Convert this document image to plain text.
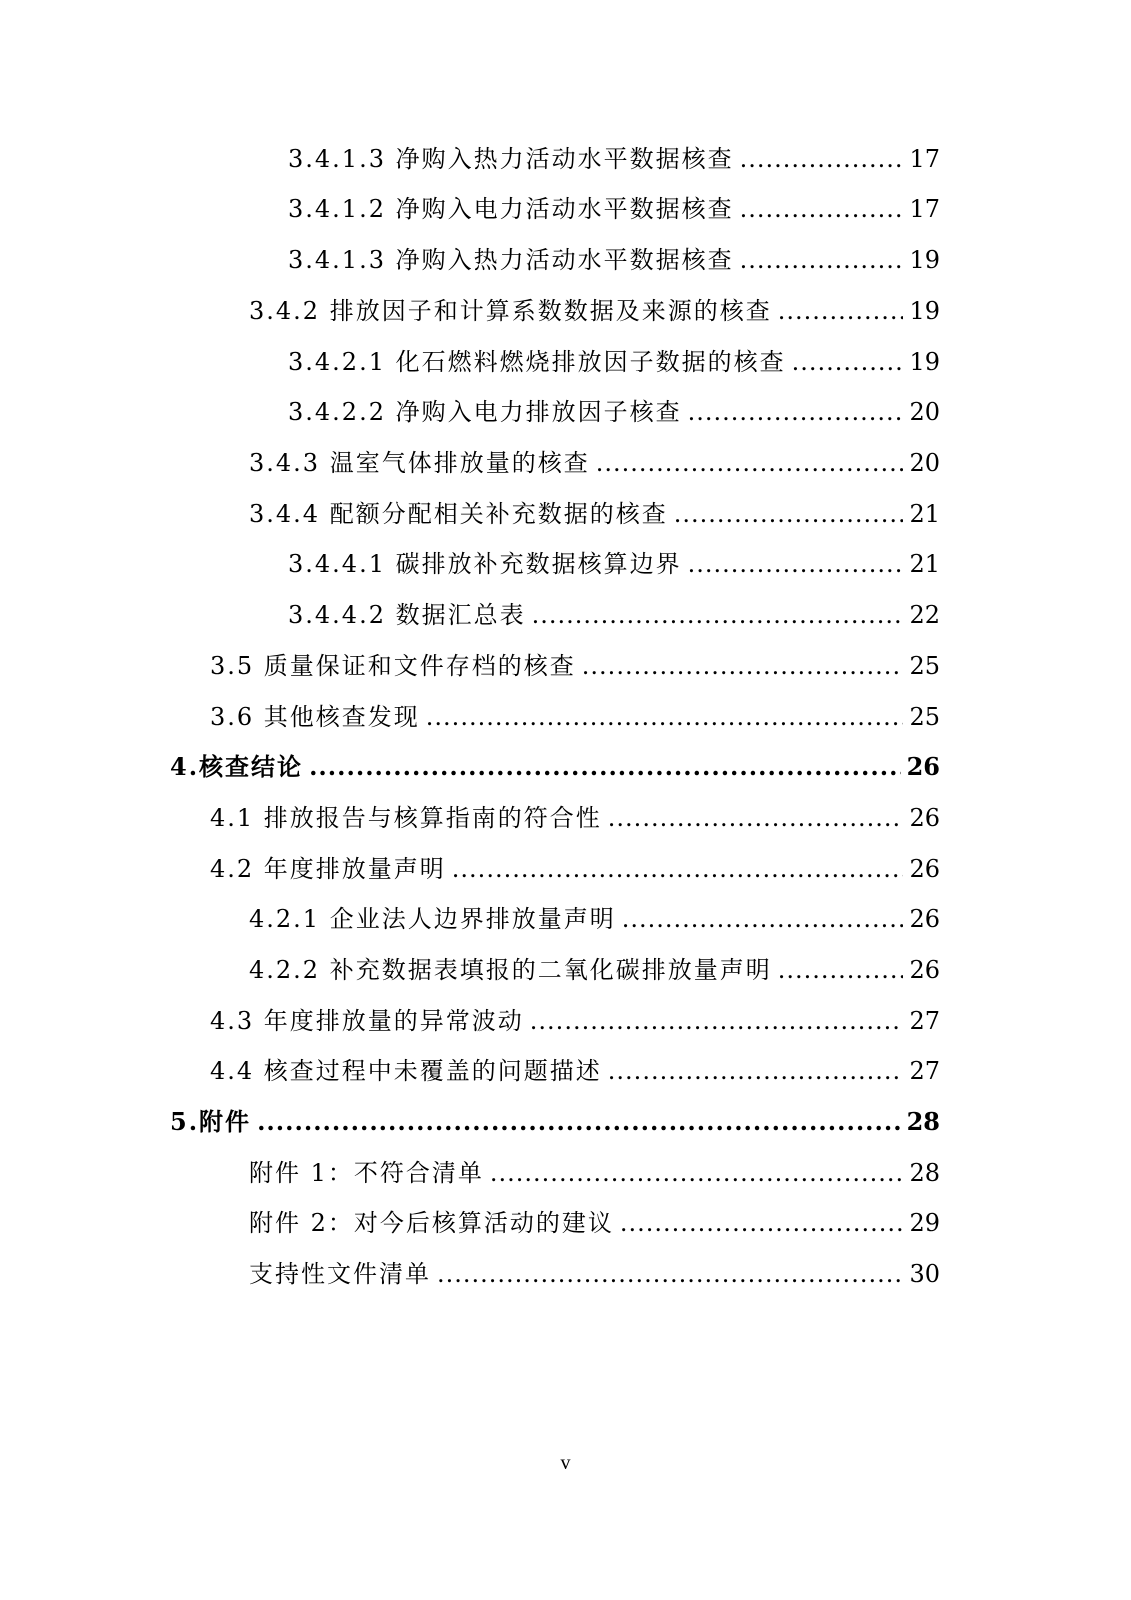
3.4.1.3 净购入热力活动水平数据核查 .....	17
3.4.1.2 净购入电力活动水平数据核查 .....	17
3.4.1.3 净购入热力活动水平数据核查 .....	19
3.4.2 排放因子和计算系数数据及来源的核查 .....	19
3.4.2.1 化石燃料燃烧排放因子数据的核查 .....	19
3.4.2.2 净购入电力排放因子核查 .....	20
3.4.3 温室气体排放量的核查 .....	20
3.4.4 配额分配相关补充数据的核查 .....	21
3.4.4.1 碳排放补充数据核算边界 .....	21
3.4.4.2 数据汇总表 .....	22
3.5 质量保证和文件存档的核查 .....	25
3.6 其他核查发现 .....	25
4.核查结论 .....	26
4.1 排放报告与核算指南的符合性 .....	26
4.2 年度排放量声明 .....	26
4.2.1 企业法人边界排放量声明 .....	26
4.2.2 补充数据表填报的二氧化碳排放量声明 .....	26
4.3 年度排放量的异常波动 .....	27
4.4 核查过程中未覆盖的问题描述 .....	27
5.附件 .....	28
附件 1：不符合清单 .....	28
附件 2：对今后核算活动的建议 .....	29
支持性文件清单 .....	30
v
